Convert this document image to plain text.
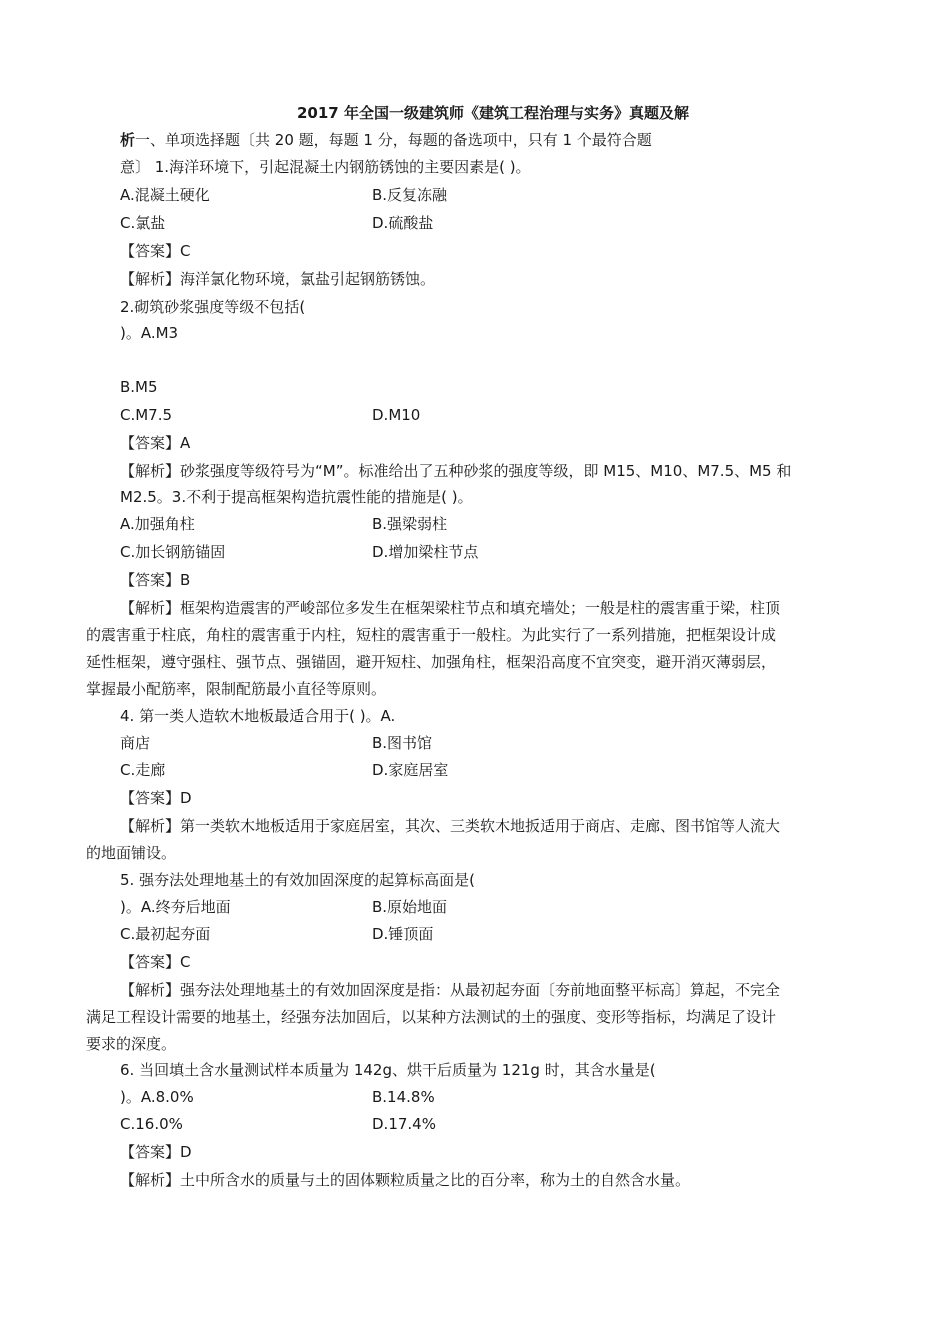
2017 年全国一级建筑师《建筑工程治理与实务》真题及解
析一、单项选择题〔共 20 题，每题 1 分，每题的备选项中，只有 1 个最符合题
意〕 1.海洋环境下，引起混凝土内钢筋锈蚀的主要因素是( )。
A.混凝土硬化	B.反复冻融
C.氯盐	D.硫酸盐
【答案】C
【解析】海洋氯化物环境，氯盐引起钢筋锈蚀。
2.砌筑砂浆强度等级不包括(
)。A.M3
B.M5
C.M7.5	D.M10
【答案】A
【解析】砂浆强度等级符号为“M”。标准给出了五种砂浆的强度等级，即 M15、M10、M7.5、M5 和
M2.5。3.不利于提高框架构造抗震性能的措施是( )。
A.加强角柱	B.强梁弱柱
C.加长钢筋锚固	D.增加梁柱节点
【答案】B
【解析】框架构造震害的严峻部位多发生在框架梁柱节点和填充墙处；一般是柱的震害重于梁，柱顶
的震害重于柱底，角柱的震害重于内柱，短柱的震害重于一般柱。为此实行了一系列措施，把框架设计成
延性框架，遵守强柱、强节点、强锚固，避开短柱、加强角柱，框架沿高度不宜突变，避开消灭薄弱层，
掌握最小配筋率，限制配筋最小直径等原则。
4. 第一类人造软木地板最适合用于( )。A.
商店	B.图书馆
C.走廊	D.家庭居室
【答案】D
【解析】第一类软木地板适用于家庭居室，其次、三类软木地扳适用于商店、走廊、图书馆等人流大
的地面铺设。
5. 强夯法处理地基土的有效加固深度的起算标高面是(
)。A.终夯后地面	B.原始地面
C.最初起夯面	D.锤顶面
【答案】C
【解析】强夯法处理地基土的有效加固深度是指：从最初起夯面〔夯前地面整平标高〕算起，不完全
满足工程设计需要的地基土，经强夯法加固后，以某种方法测试的土的强度、变形等指标，均满足了设计
要求的深度。
6. 当回填土含水量测试样本质量为 142g、烘干后质量为 121g 时，其含水量是(
)。A.8.0%	B.14.8%
C.16.0%	D.17.4%
【答案】D
【解析】土中所含水的质量与土的固体颗粒质量之比的百分率，称为土的自然含水量。
